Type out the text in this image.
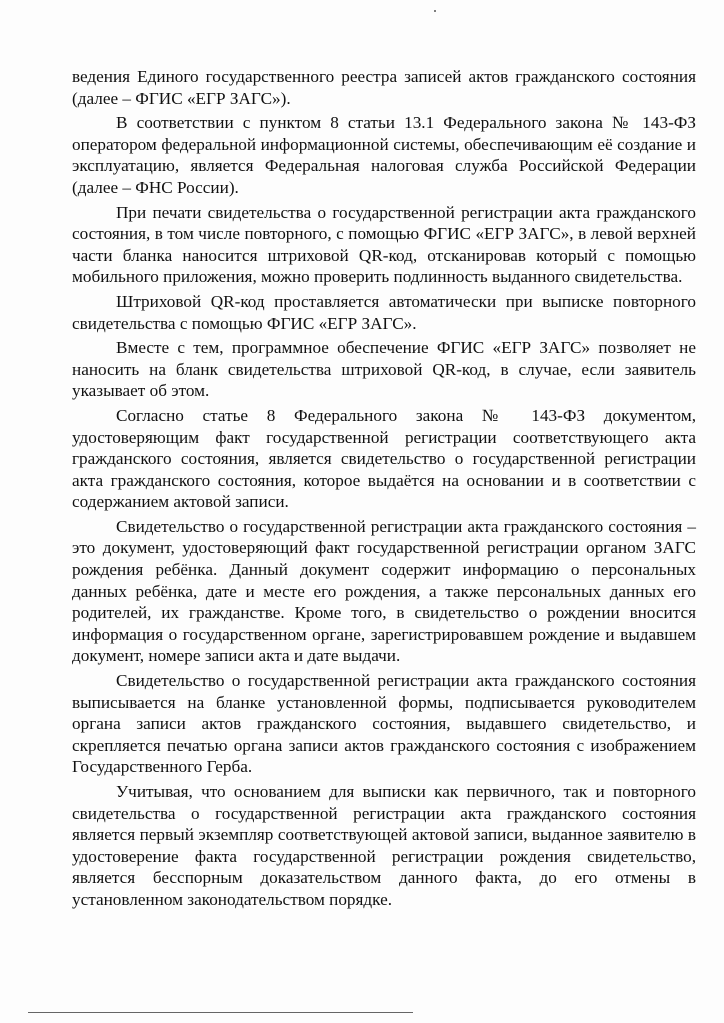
ведения Единого государственного реестра записей актов гражданского состояния (далее – ФГИС «ЕГР ЗАГС»).

В соответствии с пунктом 8 статьи 13.1 Федерального закона № 143-ФЗ оператором федеральной информационной системы, обеспечивающим её создание и эксплуатацию, является Федеральная налоговая служба Российской Федерации (далее – ФНС России).

При печати свидетельства о государственной регистрации акта гражданского состояния, в том числе повторного, с помощью ФГИС «ЕГР ЗАГС», в левой верхней части бланка наносится штриховой QR-код, отсканировав который с помощью мобильного приложения, можно проверить подлинность выданного свидетельства.

Штриховой QR-код проставляется автоматически при выписке повторного свидетельства с помощью ФГИС «ЕГР ЗАГС».

Вместе с тем, программное обеспечение ФГИС «ЕГР ЗАГС» позволяет не наносить на бланк свидетельства штриховой QR-код, в случае, если заявитель указывает об этом.

Согласно статье 8 Федерального закона № 143-ФЗ документом, удостоверяющим факт государственной регистрации соответствующего акта гражданского состояния, является свидетельство о государственной регистрации акта гражданского состояния, которое выдаётся на основании и в соответствии с содержанием актовой записи.

Свидетельство о государственной регистрации акта гражданского состояния – это документ, удостоверяющий факт государственной регистрации органом ЗАГС рождения ребёнка. Данный документ содержит информацию о персональных данных ребёнка, дате и месте его рождения, а также персональных данных его родителей, их гражданстве. Кроме того, в свидетельство о рождении вносится информация о государственном органе, зарегистрировавшем рождение и выдавшем документ, номере записи акта и дате выдачи.

Свидетельство о государственной регистрации акта гражданского состояния выписывается на бланке установленной формы, подписывается руководителем органа записи актов гражданского состояния, выдавшего свидетельство, и скрепляется печатью органа записи актов гражданского состояния с изображением Государственного Герба.

Учитывая, что основанием для выписки как первичного, так и повторного свидетельства о государственной регистрации акта гражданского состояния является первый экземпляр соответствующей актовой записи, выданное заявителю в удостоверение факта государственной регистрации рождения свидетельство, является бесспорным доказательством данного факта, до его отмены в установленном законодательством порядке.
